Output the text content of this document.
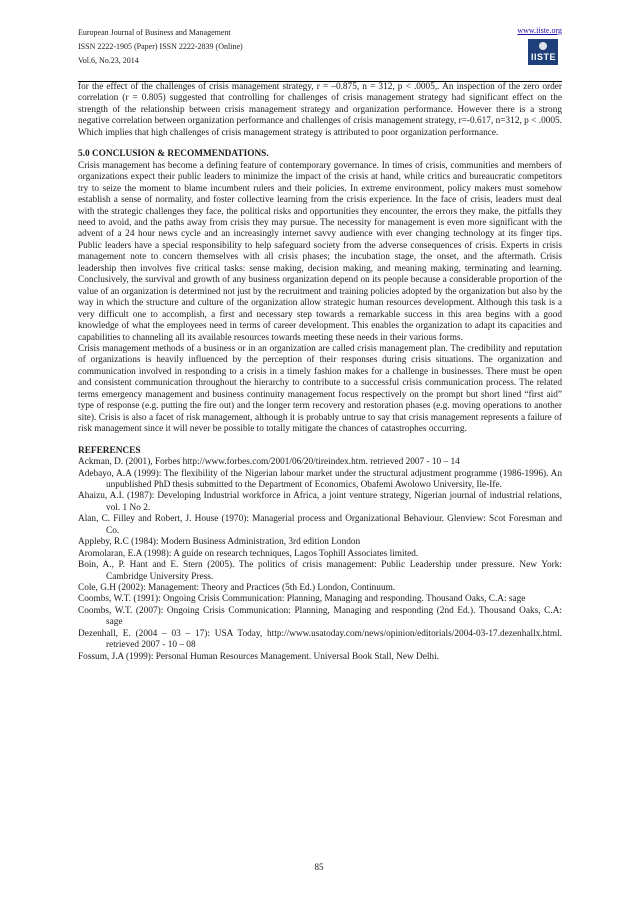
European Journal of Business and Management
ISSN 2222-1905 (Paper) ISSN 2222-2839 (Online)
Vol.6, No.23, 2014
www.iiste.org
IISTE

for the effect of the challenges of crisis management strategy, r = –0.875, n = 312, p < .0005,. An inspection of the zero order correlation (r = 0.805) suggested that controlling for challenges of crisis management strategy had significant effect on the strength of the relationship between crisis management strategy and organization performance. However there is a strong negative correlation between organization performance and challenges of crisis management strategy, r=-0.617, n=312, p < .0005. Which implies that high challenges of crisis management strategy is attributed to poor organization performance.

5.0 CONCLUSION & RECOMMENDATIONS.

Crisis management has become a defining feature of contemporary governance. In times of crisis, communities and members of organizations expect their public leaders to minimize the impact of the crisis at hand, while critics and bureaucratic competitors try to seize the moment to blame incumbent rulers and their policies. In extreme environment, policy makers must somehow establish a sense of normality, and foster collective learning from the crisis experience. In the face of crisis, leaders must deal with the strategic challenges they face, the political risks and opportunities they encounter, the errors they make, the pitfalls they need to avoid, and the paths away from crisis they may pursue. The necessity for management is even more significant with the advent of a 24 hour news cycle and an increasingly internet savvy audience with ever changing technology at its finger tips. Public leaders have a special responsibility to help safeguard society from the adverse consequences of crisis. Experts in crisis management note to concern themselves with all crisis phases; the incubation stage, the onset, and the aftermath. Crisis leadership then involves five critical tasks: sense making, decision making, and meaning making, terminating and learning. Conclusively, the survival and growth of any business organization depend on its people because a considerable proportion of the value of an organization is determined not just by the recruitment and training policies adopted by the organization but also by the way in which the structure and culture of the organization allow strategic human resources development. Although this task is a very difficult one to accomplish, a first and necessary step towards a remarkable success in this area begins with a good knowledge of what the employees need in terms of career development. This enables the organization to adapt its capacities and capabilities to channeling all its available resources towards meeting these needs in their various forms.

Crisis management methods of a business or in an organization are called crisis management plan. The credibility and reputation of organizations is heavily influenced by the perception of their responses during crisis situations. The organization and communication involved in responding to a crisis in a timely fashion makes for a challenge in businesses. There must be open and consistent communication throughout the hierarchy to contribute to a successful crisis communication process. The related terms emergency management and business continuity management focus respectively on the prompt but short lined “first aid” type of response (e.g. putting the fire out) and the longer term recovery and restoration phases (e.g. moving operations to another site). Crisis is also a facet of risk management, although it is probably untrue to say that crisis management represents a failure of risk management since it will never be possible to totally mitigate the chances of catastrophes occurring.

REFERENCES

Ackman, D. (2001), Forbes http://www.forbes.com/2001/06/20/tireindex.htm. retrieved 2007 - 10 – 14

Adebayo, A.A (1999): The flexibility of the Nigerian labour market under the structural adjustment programme (1986-1996). An unpublished PhD thesis submitted to the Department of Economics, Obafemi Awolowo University, Ile-Ife.

Ahaizu, A.I. (1987): Developing Industrial workforce in Africa, a joint venture strategy, Nigerian journal of industrial relations, vol. 1 No 2.

Alan, C. Filley and Robert, J. House (1970): Managerial process and Organizational Behaviour. Glenview: Scot Foresman and Co.

Appleby, R.C (1984): Modern Business Administration, 3rd edition London

Aromolaran, E.A (1998): A guide on research techniques, Lagos Tophill Associates limited.

Boin, A., P. Hant and E. Stern (2005). The politics of crisis management: Public Leadership under pressure. New York: Cambridge University Press.

Cole, G.H (2002): Management: Theory and Practices (5th Ed.) London, Continuum.

Coombs, W.T. (1991): Ongoing Crisis Communication: Planning, Managing and responding. Thousand Oaks, C.A: sage

Coombs, W.T. (2007): Ongoing Crisis Communication: Planning, Managing and responding (2nd Ed.). Thousand Oaks, C.A: sage

Dezenhall, E. (2004 – 03 – 17): USA Today, http://www.usatoday.com/news/opinion/editorials/2004-03-17.dezenhallx.html. retrieved 2007 - 10 – 08

Fossum, J.A (1999): Personal Human Resources Management. Universal Book Stall, New Delhi.

85
